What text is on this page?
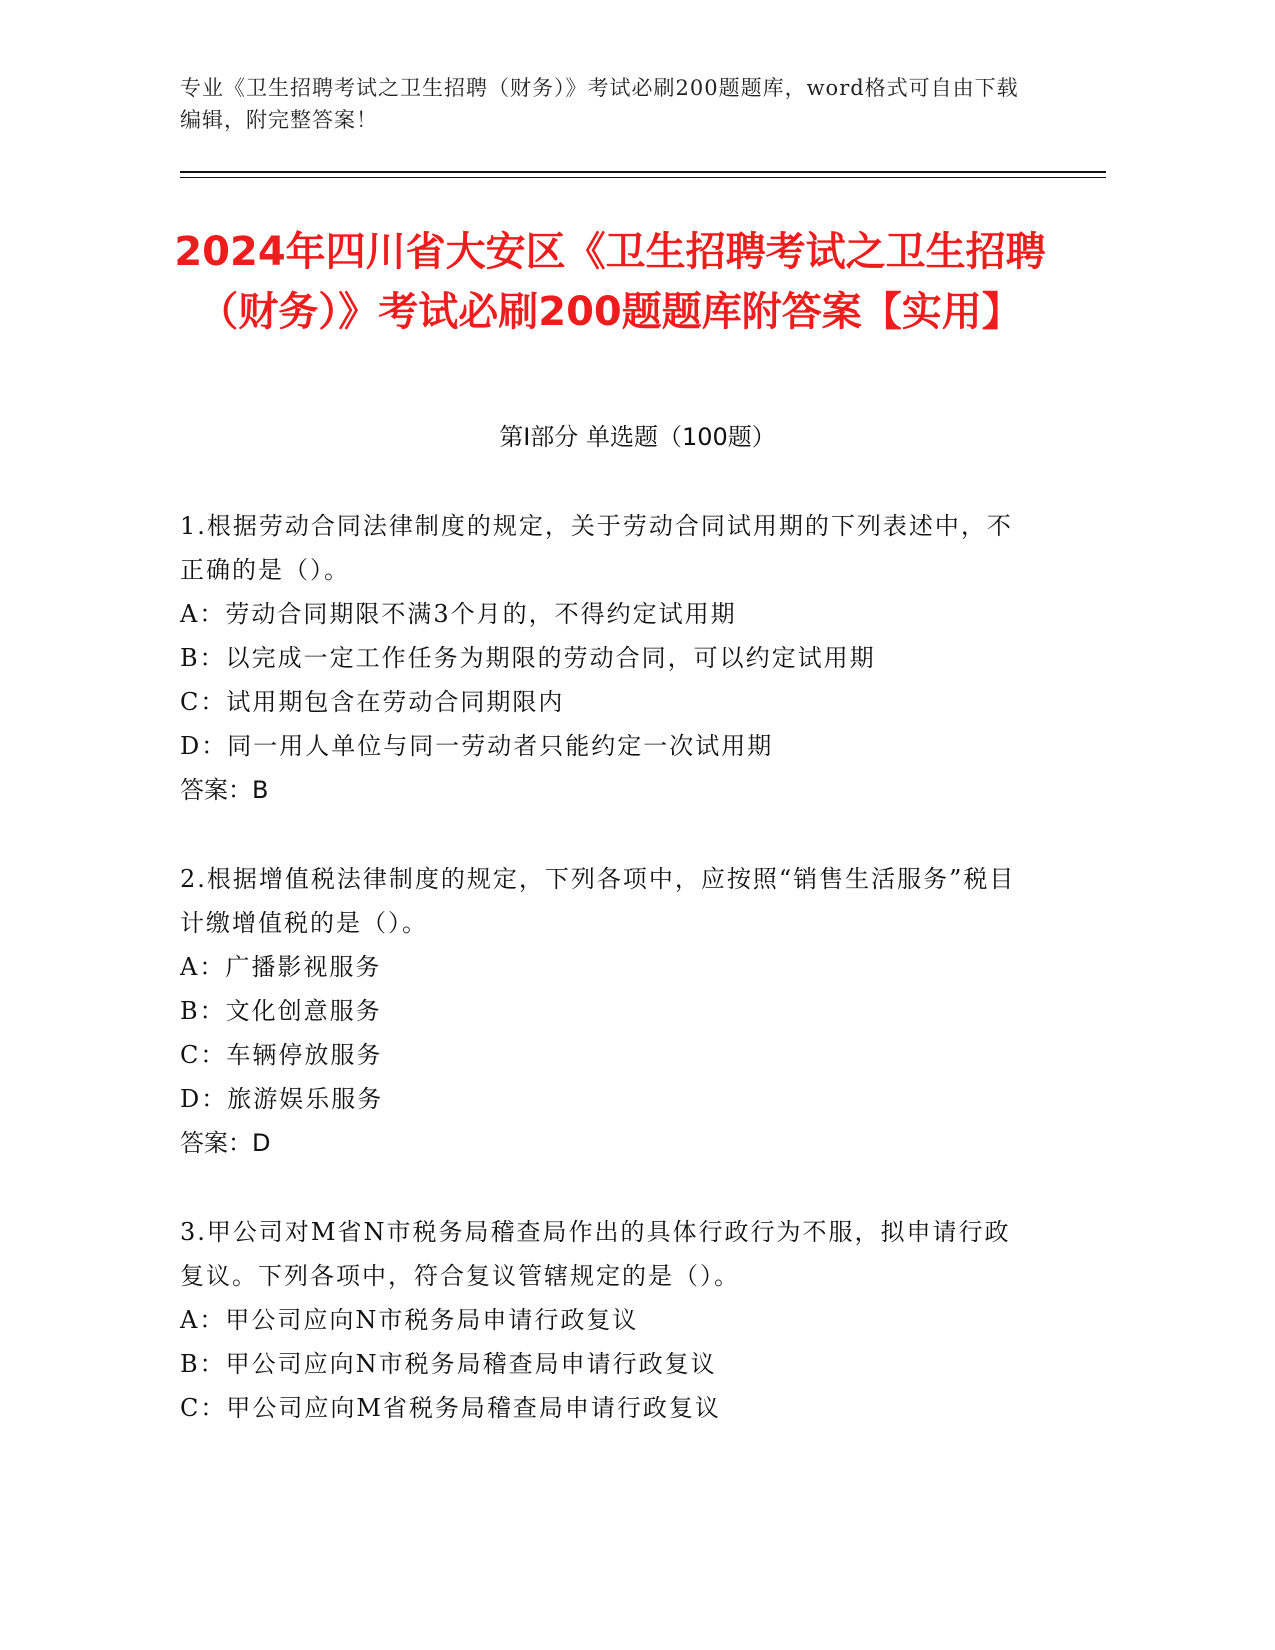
专业《卫生招聘考试之卫生招聘（财务）》考试必刷200题题库，word格式可自由下载编辑，附完整答案！
2024年四川省大安区《卫生招聘考试之卫生招聘（财务）》考试必刷200题题库附答案【实用】
第I部分 单选题（100题）

1.根据劳动合同法律制度的规定，关于劳动合同试用期的下列表述中，不正确的是（）。

A：劳动合同期限不满3个月的，不得约定试用期

B：以完成一定工作任务为期限的劳动合同，可以约定试用期

C：试用期包含在劳动合同期限内

D：同一用人单位与同一劳动者只能约定一次试用期

答案：B

2.根据增值税法律制度的规定，下列各项中，应按照“销售生活服务”税目计缴增值税的是（）。

A：广播影视服务

B：文化创意服务

C：车辆停放服务

D：旅游娱乐服务

答案：D

3.甲公司对M省N市税务局稽查局作出的具体行政行为不服，拟申请行政复议。下列各项中，符合复议管辖规定的是（）。

A：甲公司应向N市税务局申请行政复议

B：甲公司应向N市税务局稽查局申请行政复议

C：甲公司应向M省税务局稽查局申请行政复议
